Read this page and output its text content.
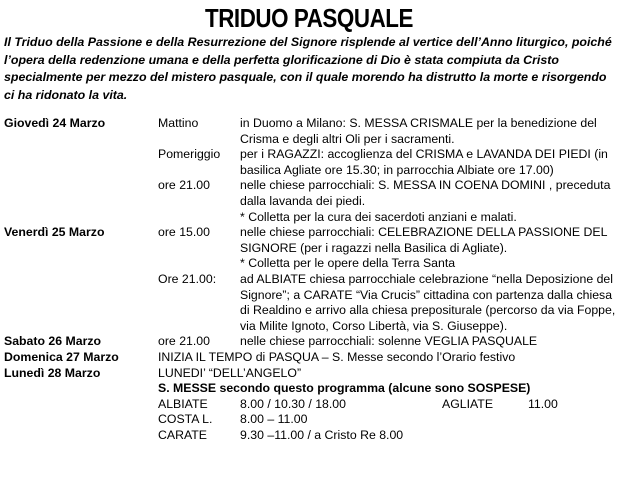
TRIDUO PASQUALE
Il Triduo della Passione e della Resurrezione del Signore risplende al vertice dell’Anno liturgico, poiché l’opera della redenzione umana e della perfetta glorificazione di Dio è stata compiuta da Cristo specialmente per mezzo del mistero pasquale, con il quale morendo ha distrutto la morte e risorgendo ci ha ridonato la vita.
Giovedì 24 Marzo	Mattino	in Duomo a Milano: S. MESSA CRISMALE per la benedizione del Crisma e degli altri Oli per i sacramenti.
Pomeriggio	per i RAGAZZI: accoglienza del CRISMA e LAVANDA DEI PIEDI (in basilica Agliate ore 15.30; in parrocchia Albiate ore 17.00)
ore 21.00	nelle chiese parrocchiali: S. MESSA IN COENA DOMINI , preceduta dalla lavanda dei piedi.
* Colletta per la cura dei sacerdoti anziani e malati.
Venerdì 25 Marzo	ore 15.00	nelle chiese parrocchiali: CELEBRAZIONE DELLA PASSIONE DEL SIGNORE (per i ragazzi nella Basilica di Agliate).
* Colletta per le opere della Terra Santa
Ore 21.00:	ad ALBIATE chiesa parrocchiale celebrazione “nella Deposizione del Signore”; a CARATE “Via Crucis” cittadina con partenza dalla chiesa di Realdino e arrivo alla chiesa prepositurale (percorso da via Foppe, via Milite Ignoto, Corso Libertà, via S. Giuseppe).
Sabato 26 Marzo	ore 21.00	nelle chiese parrocchiali: solenne VEGLIA PASQUALE
Domenica 27 Marzo	INIZIA IL TEMPO di PASQUA – S. Messe secondo l’Orario festivo
Lunedì 28 Marzo	LUNEDI’ “DELL’ANGELO”
S. MESSE secondo questo programma (alcune sono SOSPESE)
ALBIATE	8.00 / 10.30 / 18.00	AGLIATE	11.00
COSTA L.	8.00 – 11.00
CARATE	9.30 –11.00 / a Cristo Re 8.00
